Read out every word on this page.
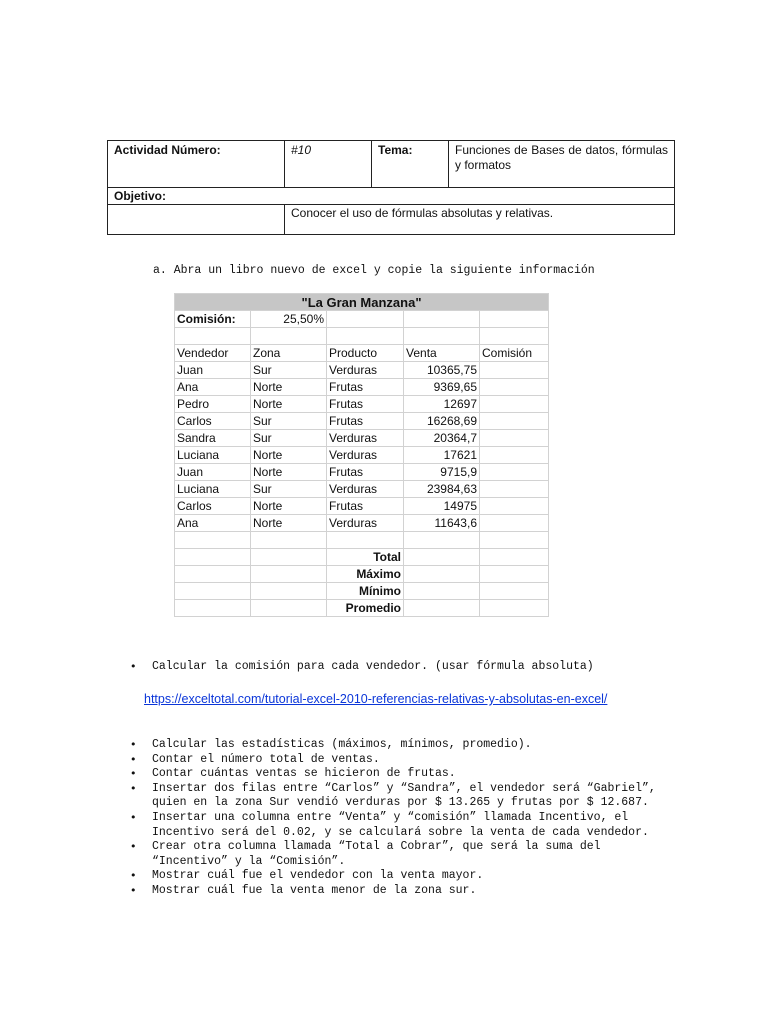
Actividad Número:	#10	Tema:	Funciones de Bases de datos, fórmulas y formatos
Objetivo:			
	Conocer el uso de fórmulas absolutas y relativas.		
a. Abra un libro nuevo de excel y copie la siguiente información
"La Gran Manzana"				
Comisión:	25,50%			

Vendedor	Zona	Producto	Venta	Comisión
Juan	Sur	Verduras	10365,75	
Ana	Norte	Frutas	9369,65	
Pedro	Norte	Frutas	12697	
Carlos	Sur	Frutas	16268,69	
Sandra	Sur	Verduras	20364,7	
Luciana	Norte	Verduras	17621	
Juan	Norte	Frutas	9715,9	
Luciana	Sur	Verduras	23984,63	
Carlos	Norte	Frutas	14975	
Ana	Norte	Verduras	11643,6	

		Total		
		Máximo		
		Mínimo		
		Promedio		
• Calcular la comisión para cada vendedor. (usar fórmula absoluta)
https://exceltotal.com/tutorial-excel-2010-referencias-relativas-y-absolutas-en-excel/
• Calcular las estadísticas (máximos, mínimos, promedio).
• Contar el número total de ventas.
• Contar cuántas ventas se hicieron de frutas.
• Insertar dos filas entre “Carlos” y “Sandra”, el vendedor será “Gabriel”, quien en la zona Sur vendió verduras por $ 13.265 y frutas por $ 12.687.
• Insertar una columna entre “Venta” y “comisión” llamada Incentivo, el Incentivo será del 0.02, y se calculará sobre la venta de cada vendedor.
• Crear otra columna llamada “Total a Cobrar”, que será la suma del “Incentivo” y la “Comisión”.
• Mostrar cuál fue el vendedor con la venta mayor.
• Mostrar cuál fue la venta menor de la zona sur.
